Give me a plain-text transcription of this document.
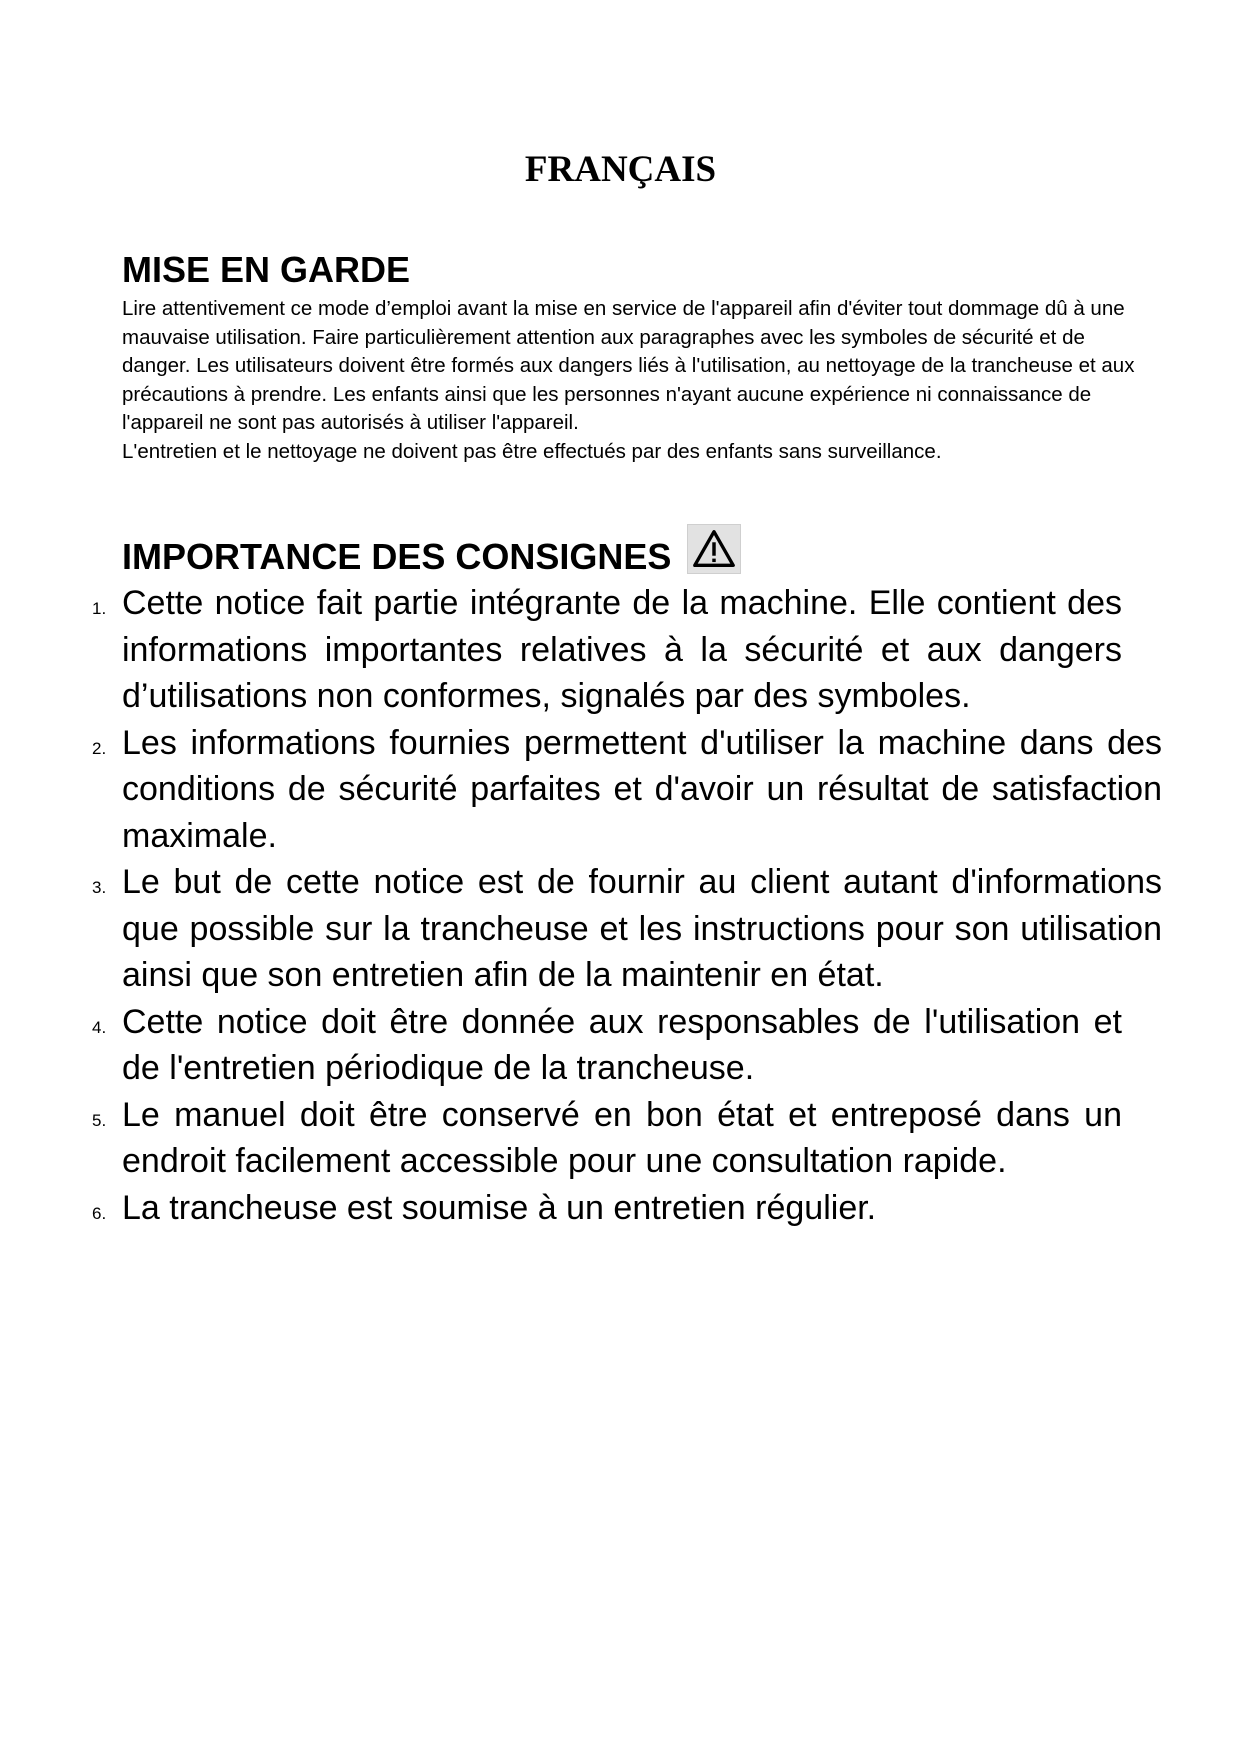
FRANÇAIS
MISE EN GARDE

Lire attentivement ce mode d’emploi avant la mise en service de l'appareil afin d'éviter tout dommage dû à une mauvaise utilisation. Faire particulièrement attention aux paragraphes avec les symboles de sécurité et de danger. Les utilisateurs doivent être formés aux dangers liés à l'utilisation, au nettoyage de la trancheuse et aux précautions à prendre. Les enfants ainsi que les personnes n'ayant aucune expérience ni connaissance de l'appareil ne sont pas autorisés à utiliser l'appareil.

L'entretien et le nettoyage ne doivent pas être effectués par des enfants sans surveillance.

IMPORTANCE DES CONSIGNES
1. Cette notice fait partie intégrante de la machine. Elle contient des informations importantes relatives à la sécurité et aux dangers d’utilisations non conformes, signalés par des symboles.
2. Les informations fournies permettent d'utiliser la machine dans des conditions de sécurité parfaites et d'avoir un résultat de satisfaction maximale.
3. Le but de cette notice est de fournir au client autant d'informations que possible sur la trancheuse et les instructions pour son utilisation ainsi que son entretien afin de la maintenir en état.
4. Cette notice doit être donnée aux responsables de l'utilisation et de l'entretien périodique de la trancheuse.
5. Le manuel doit être conservé en bon état et entreposé dans un endroit facilement accessible pour une consultation rapide.
6. La trancheuse est soumise à un entretien régulier.
